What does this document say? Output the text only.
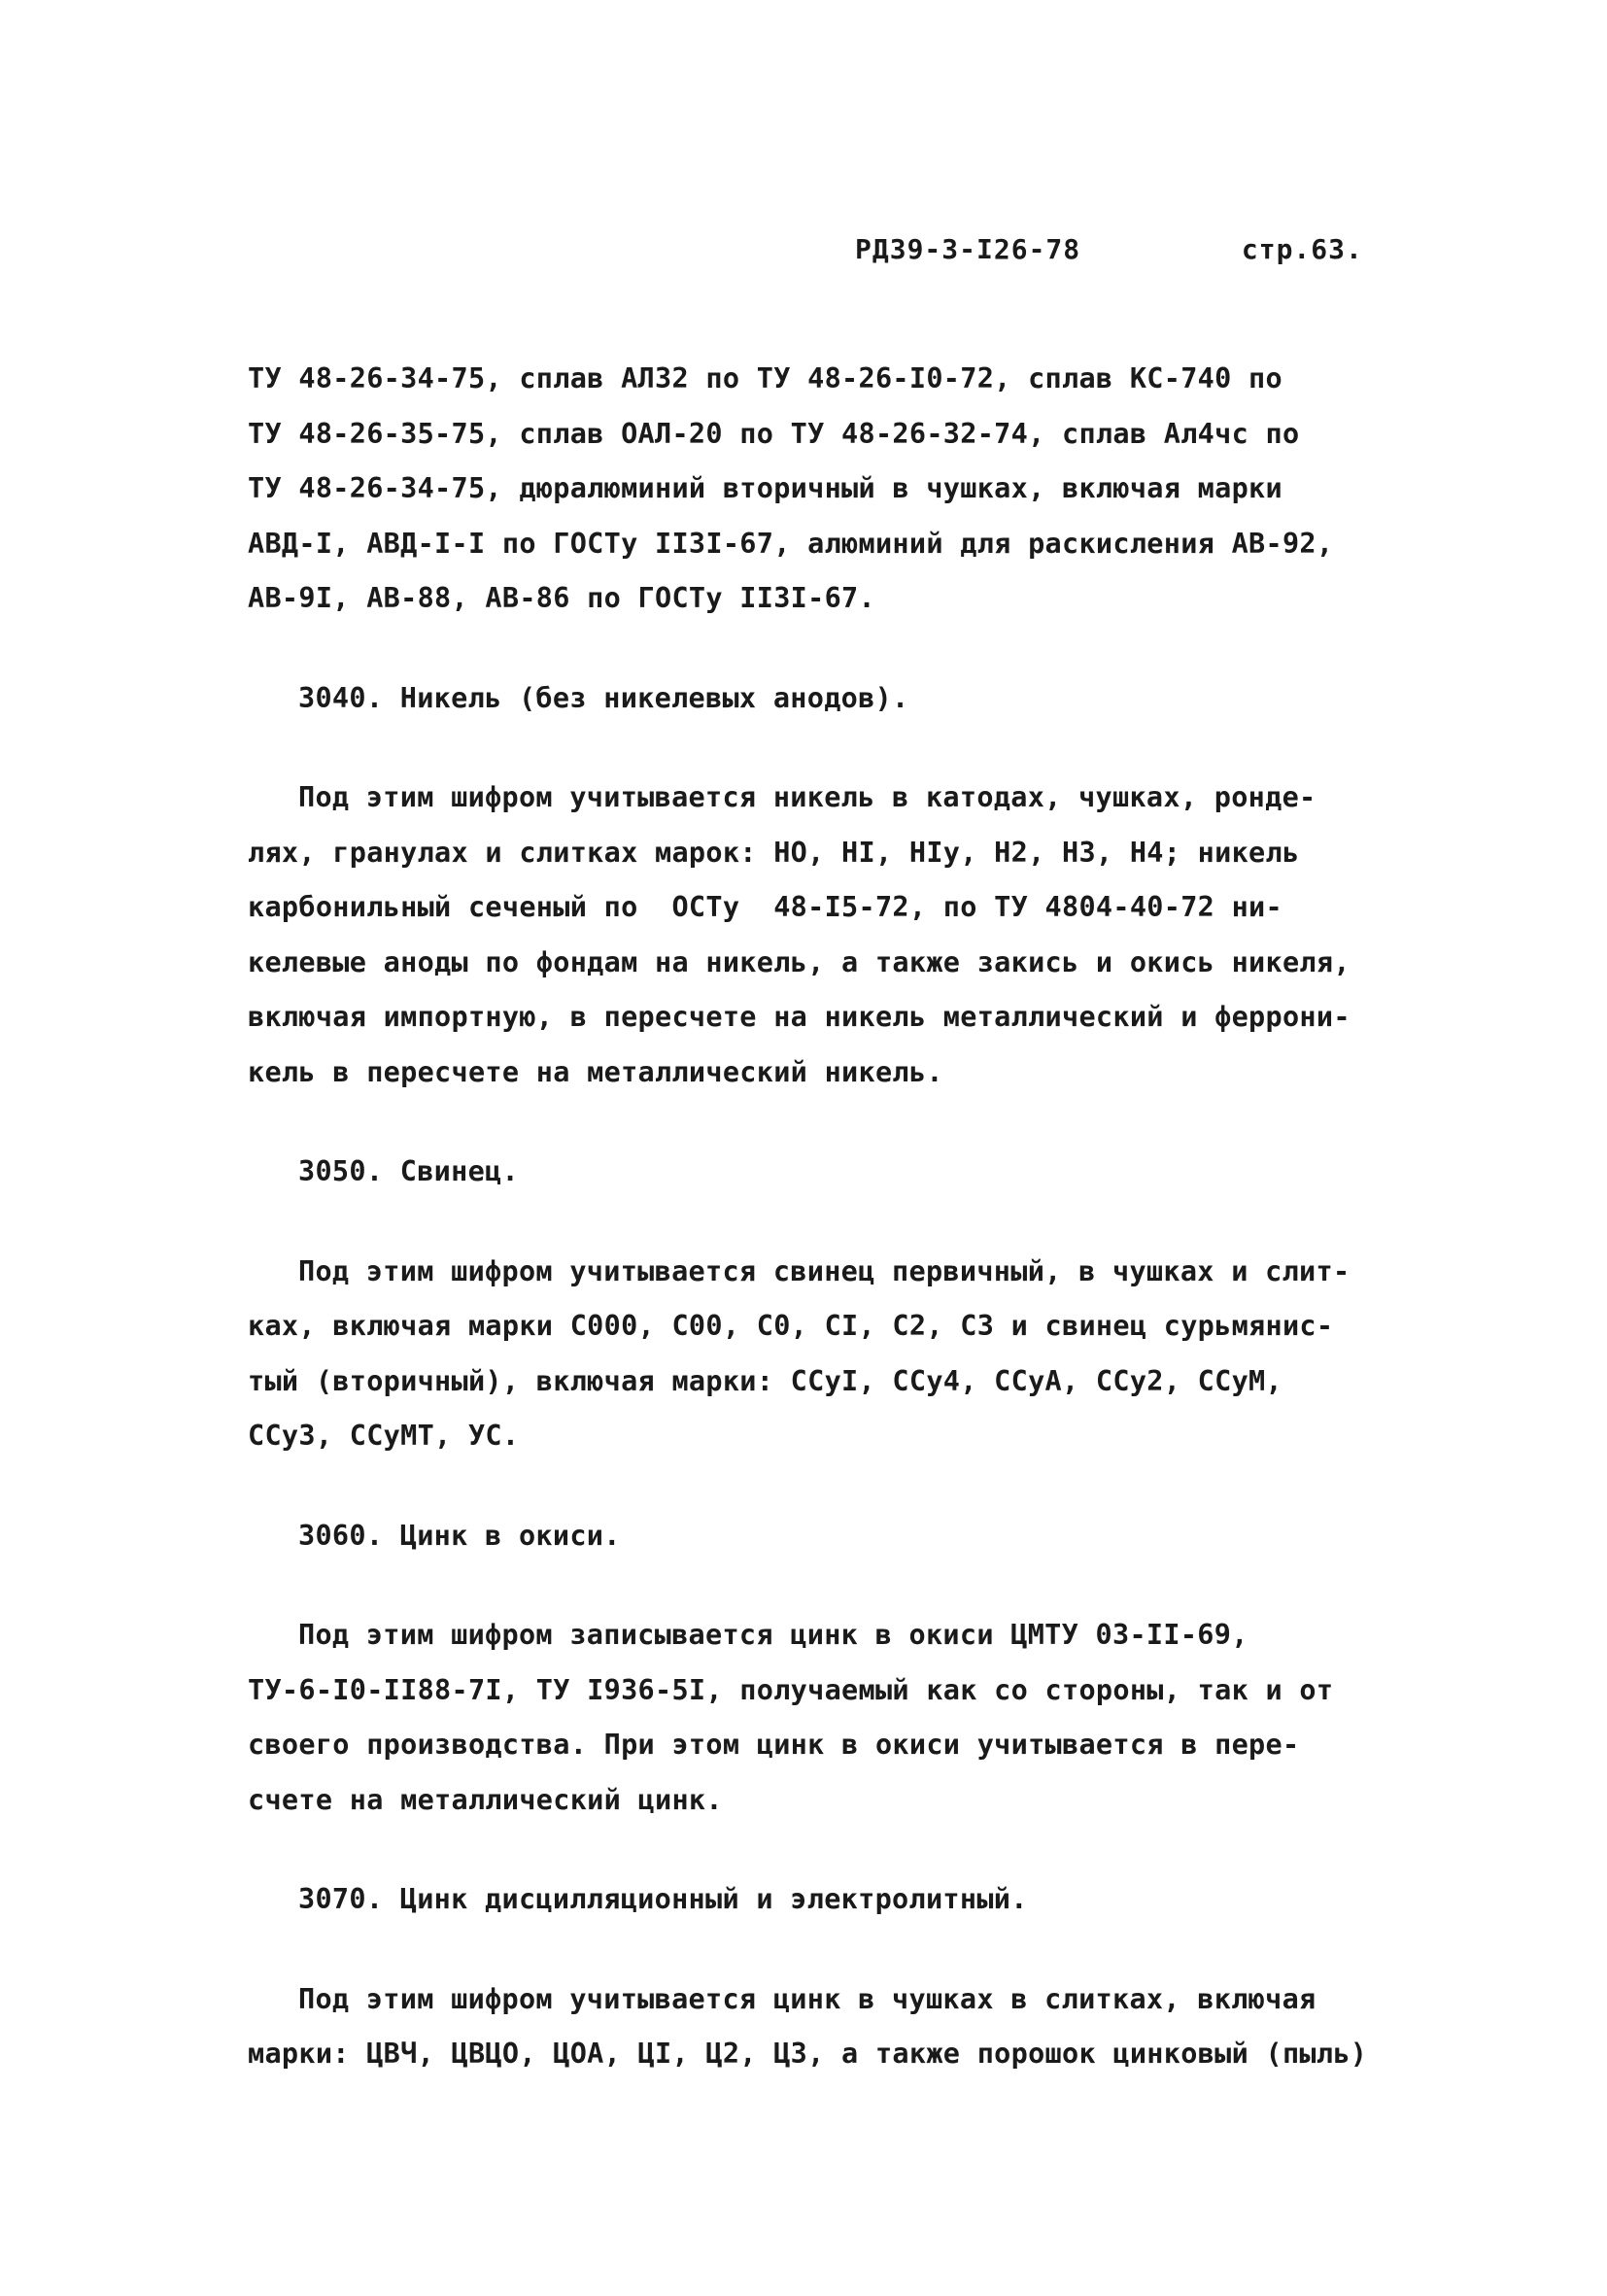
РДЗ9-3-I26-78	стр.63.
ТУ 48-26-34-75, сплав АЛ32 по ТУ 48-26-I0-72, сплав КС-740 по
ТУ 48-26-35-75, сплав ОАЛ-20 по ТУ 48-26-32-74, сплав Ал4чс по
ТУ 48-26-34-75, дюралюминий вторичный в чушках, включая марки
АВД-I, АВД-I-I по ГОСТу II3I-67, алюминий для раскисления АВ-92,
АВ-9I, АВ-88, АВ-86 по ГОСТу II3I-67.
3040. Никель (без никелевых анодов).
Под этим шифром учитывается никель в катодах, чушках, ронде-
лях, гранулах и слитках марок: НО, НI, НIу, Н2, Н3, Н4; никель
карбонильный сеченый по  ОСТу  48-I5-72, по ТУ 4804-40-72 ни-
келевые аноды по фондам на никель, а также закись и окись никеля,
включая импортную, в пересчете на никель металлический и феррони-
кель в пересчете на металлический никель.
3050. Свинец.
Под этим шифром учитывается свинец первичный, в чушках и слит-
ках, включая марки С000, С00, С0, СI, С2, С3 и свинец сурьмянис-
тый (вторичный), включая марки: ССуI, ССу4, ССуА, ССу2, ССуМ,
ССу3, ССуМТ, УС.
3060. Цинк в окиси.
Под этим шифром записывается цинк в окиси ЦМТУ 03-II-69,
ТУ-6-I0-II88-7I, ТУ I936-5I, получаемый как со стороны, так и от
своего производства. При этом цинк в окиси учитывается в пере-
счете на металлический цинк.
3070. Цинк дисцилляционный и электролитный.
Под этим шифром учитывается цинк в чушках в слитках, включая
марки: ЦВЧ, ЦВЦО, ЦОА, ЦI, Ц2, Ц3, а также порошок цинковый (пыль)
